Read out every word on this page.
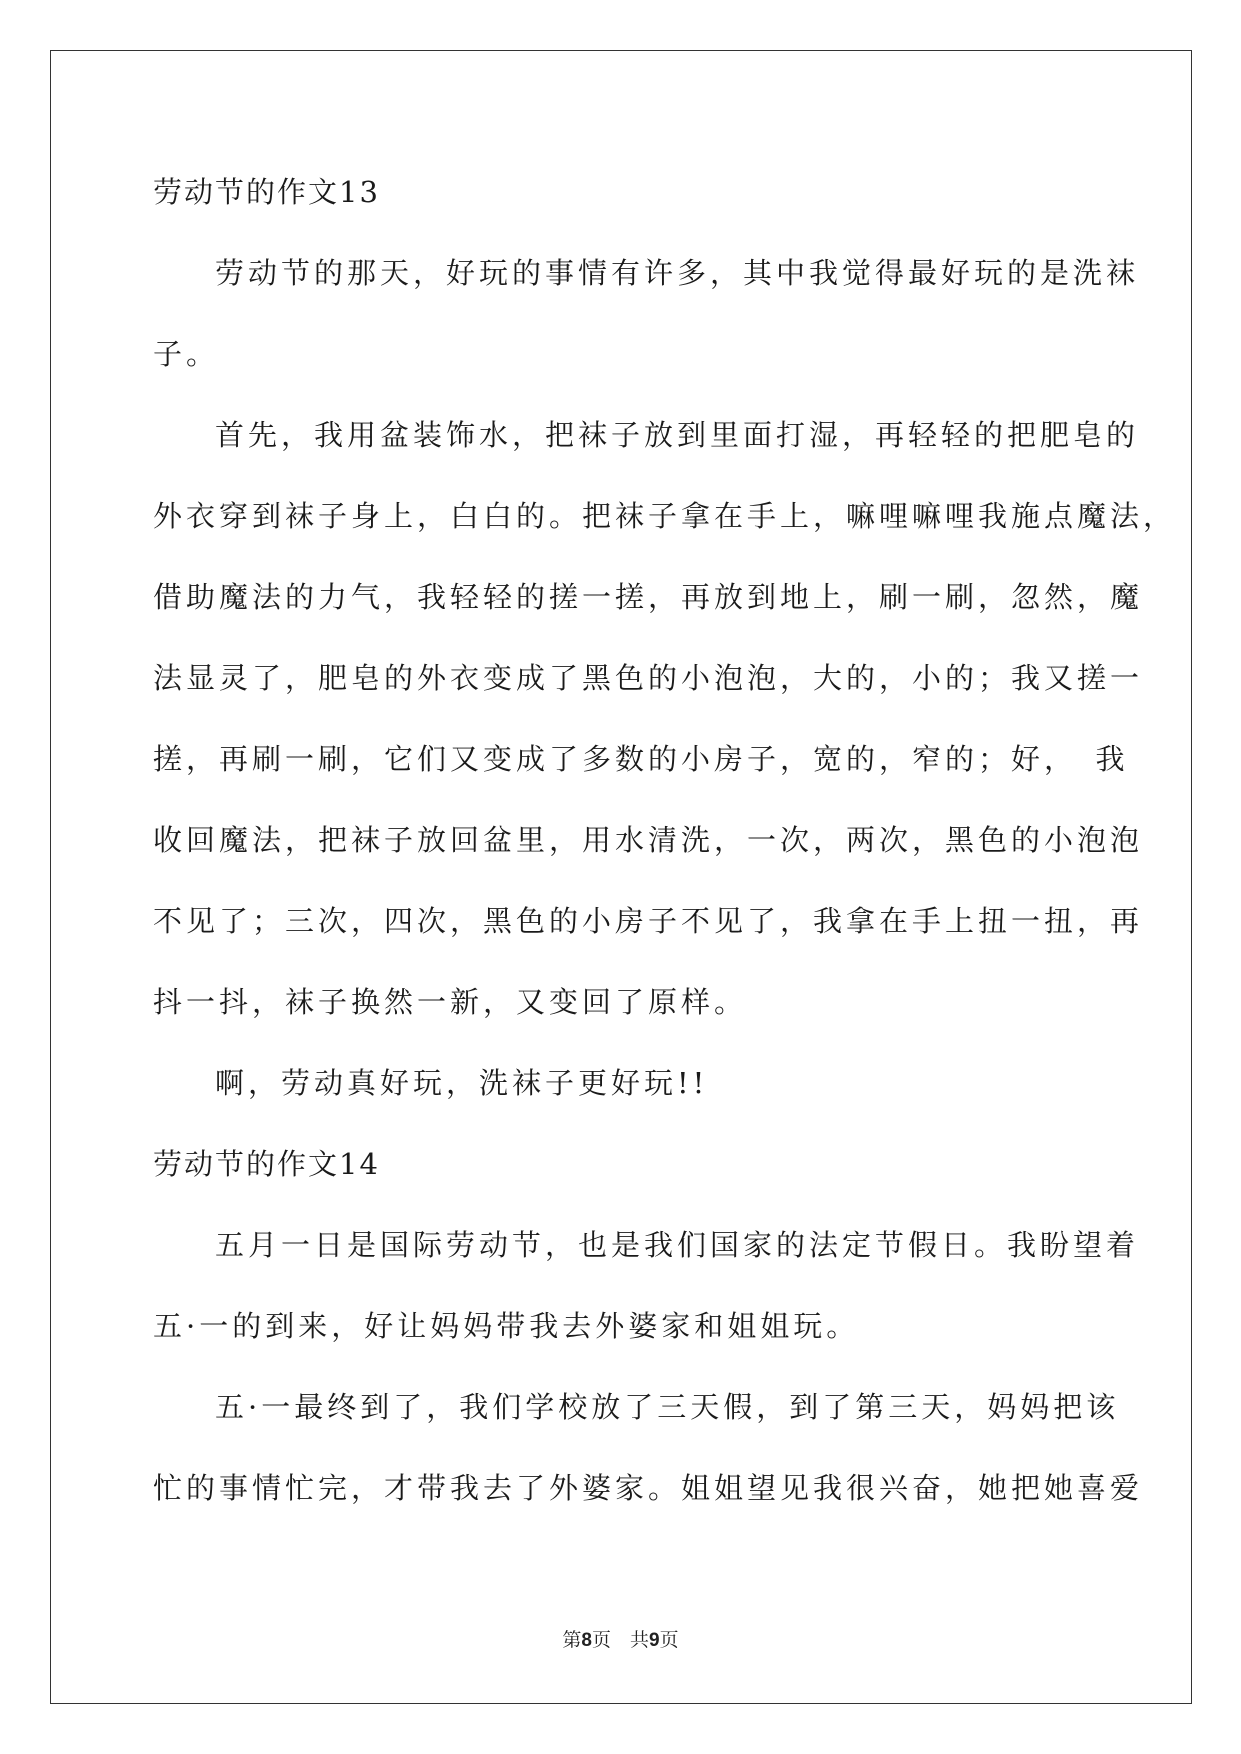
劳动节的作文13
劳动节的那天，好玩的事情有许多，其中我觉得最好玩的是洗袜
子。
首先，我用盆装饰水，把袜子放到里面打湿，再轻轻的把肥皂的
外衣穿到袜子身上，白白的。把袜子拿在手上，嘛哩嘛哩我施点魔法，
借助魔法的力气，我轻轻的搓一搓，再放到地上，刷一刷，忽然，魔
法显灵了，肥皂的外衣变成了黑色的小泡泡，大的，小的；我又搓一
搓，再刷一刷，它们又变成了多数的小房子，宽的，窄的；好，　我
收回魔法，把袜子放回盆里，用水清洗，一次，两次，黑色的小泡泡
不见了；三次，四次，黑色的小房子不见了，我拿在手上扭一扭，再
抖一抖，袜子换然一新，又变回了原样。
啊，劳动真好玩，洗袜子更好玩!!
劳动节的作文14
五月一日是国际劳动节，也是我们国家的法定节假日。我盼望着
五·一的到来，好让妈妈带我去外婆家和姐姐玩。
五·一最终到了，我们学校放了三天假，到了第三天，妈妈把该
忙的事情忙完，才带我去了外婆家。姐姐望见我很兴奋，她把她喜爱
第8页　共9页
